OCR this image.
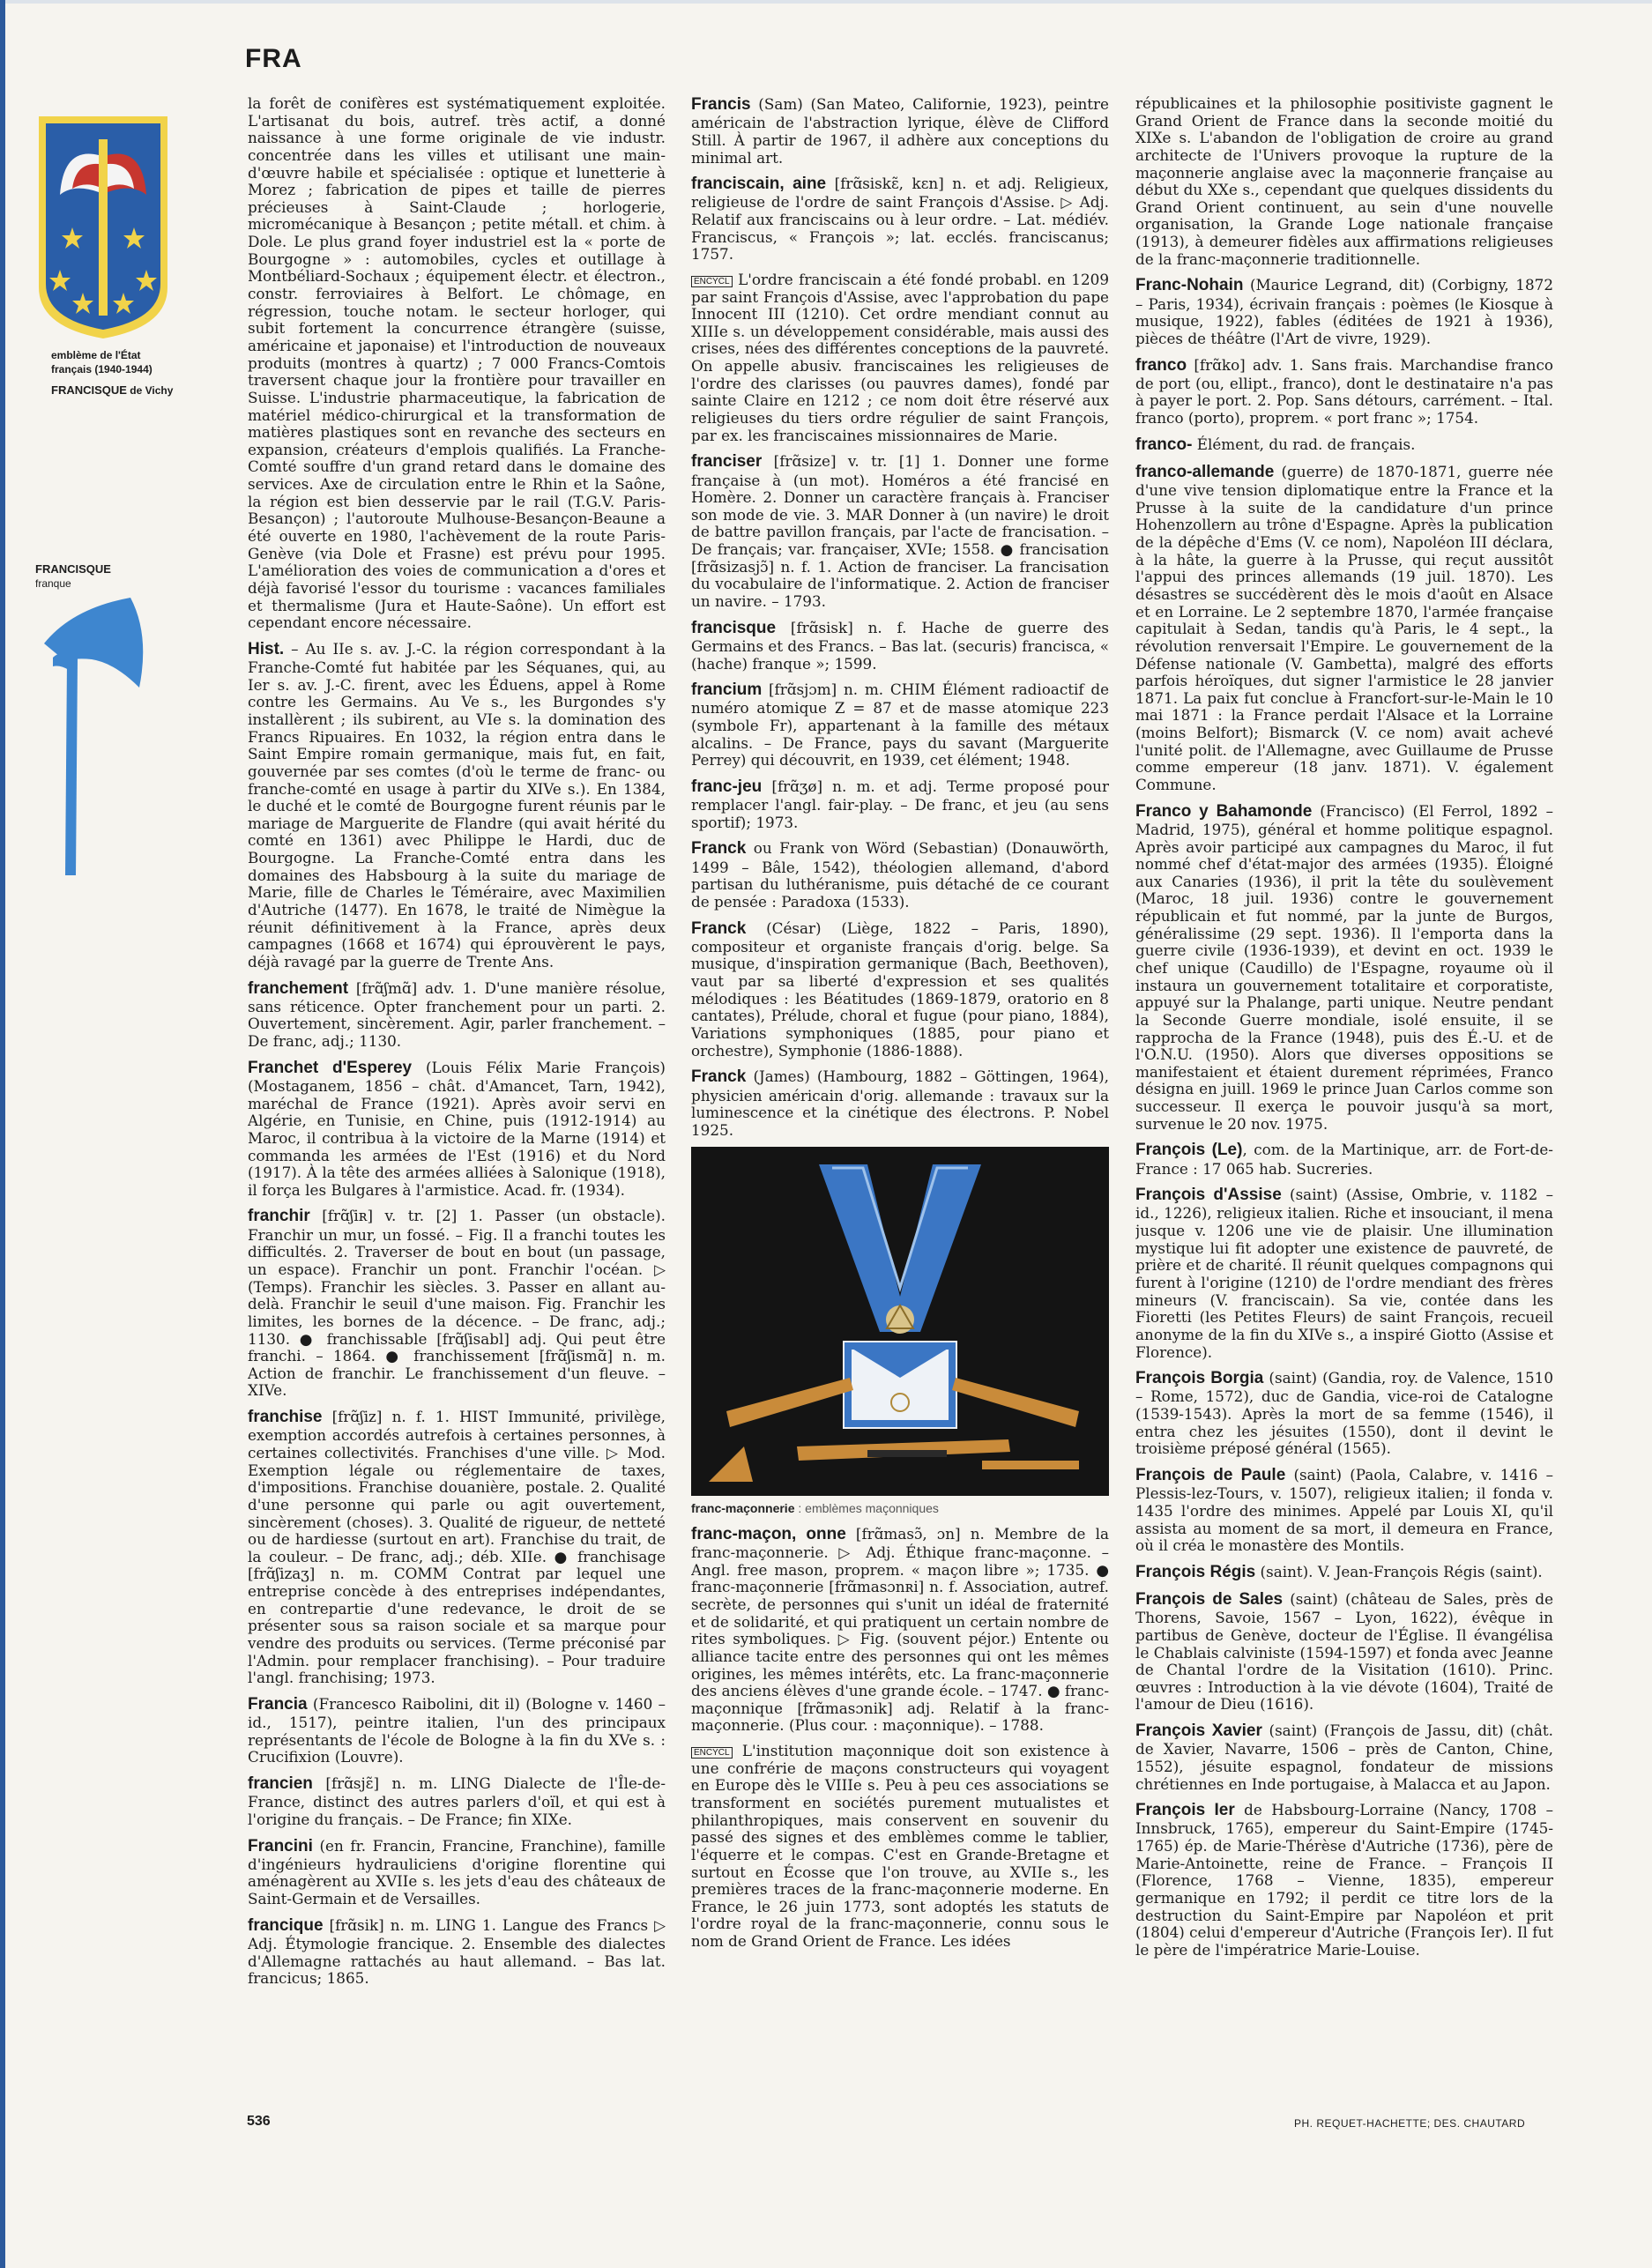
FRA
emblème de l'État
français (1940-1944)
FRANCISQUE de Vichy
FRANCISQUE
franque

la forêt de conifères est systématiquement exploitée. L'artisanat du bois, autref. très actif, a donné naissance à une forme originale de vie industr. concentrée dans les villes et utilisant une main-d'œuvre habile et spécialisée : optique et lunetterie à Morez ; fabrication de pipes et taille de pierres précieuses à Saint-Claude ; horlogerie, micromécanique à Besançon ; petite métall. et chim. à Dole. Le plus grand foyer industriel est la « porte de Bourgogne » : automobiles, cycles et outillage à Montbéliard-Sochaux ; équipement électr. et électron., constr. ferroviaires à Belfort. Le chômage, en régression, touche notam. le secteur horloger, qui subit fortement la concurrence étrangère (suisse, américaine et japonaise) et l'introduction de nouveaux produits (montres à quartz) ; 7 000 Francs-Comtois traversent chaque jour la frontière pour travailler en Suisse. L'industrie pharmaceutique, la fabrication de matériel médico-chirurgical et la transformation de matières plastiques sont en revanche des secteurs en expansion, créateurs d'emplois qualifiés. La Franche-Comté souffre d'un grand retard dans le domaine des services. Axe de circulation entre le Rhin et la Saône, la région est bien desservie par le rail (T.G.V. Paris-Besançon) ; l'autoroute Mulhouse-Besançon-Beaune a été ouverte en 1980, l'achèvement de la route Paris-Genève (via Dole et Frasne) est prévu pour 1995. L'amélioration des voies de communication a d'ores et déjà favorisé l'essor du tourisme : vacances familiales et thermalisme (Jura et Haute-Saône). Un effort est cependant encore nécessaire.

Hist. – Au IIe s. av. J.-C. la région correspondant à la Franche-Comté fut habitée par les Séquanes, qui, au Ier s. av. J.-C. firent, avec les Éduens, appel à Rome contre les Germains. Au Ve s., les Burgondes s'y installèrent ; ils subirent, au VIe s. la domination des Francs Ripuaires. En 1032, la région entra dans le Saint Empire romain germanique, mais fut, en fait, gouvernée par ses comtes (d'où le terme de franc- ou franche-comté en usage à partir du XIVe s.). En 1384, le duché et le comté de Bourgogne furent réunis par le mariage de Marguerite de Flandre (qui avait hérité du comté en 1361) avec Philippe le Hardi, duc de Bourgogne. La Franche-Comté entra dans les domaines des Habsbourg à la suite du mariage de Marie, fille de Charles le Téméraire, avec Maximilien d'Autriche (1477). En 1678, le traité de Nimègue la réunit définitivement à la France, après deux campagnes (1668 et 1674) qui éprouvèrent le pays, déjà ravagé par la guerre de Trente Ans.

franchement [frɑ̃ʃmɑ̃] adv. 1. D'une manière résolue, sans réticence. Opter franchement pour un parti. 2. Ouvertement, sincèrement. Agir, parler franchement. – De franc, adj.; 1130.

Franchet d'Esperey (Louis Félix Marie François) (Mostaganem, 1856 – chât. d'Amancet, Tarn, 1942), maréchal de France (1921). Après avoir servi en Algérie, en Tunisie, en Chine, puis (1912-1914) au Maroc, il contribua à la victoire de la Marne (1914) et commanda les armées de l'Est (1916) et du Nord (1917). À la tête des armées alliées à Salonique (1918), il força les Bulgares à l'armistice. Acad. fr. (1934).

franchir [frɑ̃ʃiʀ] v. tr. [2] 1. Passer (un obstacle). Franchir un mur, un fossé. – Fig. Il a franchi toutes les difficultés. 2. Traverser de bout en bout (un passage, un espace). Franchir un pont. Franchir l'océan. ▷ (Temps). Franchir les siècles. 3. Passer en allant au-delà. Franchir le seuil d'une maison. Fig. Franchir les limites, les bornes de la décence. – De franc, adj.; 1130. ● franchissable [frɑ̃ʃisabl] adj. Qui peut être franchi. – 1864. ● franchissement [frɑ̃ʃismɑ̃] n. m. Action de franchir. Le franchissement d'un fleuve. – XIVe.

franchise [frɑ̃ʃiz] n. f. 1. HIST Immunité, privilège, exemption accordés autrefois à certaines personnes, à certaines collectivités. Franchises d'une ville. ▷ Mod. Exemption légale ou réglementaire de taxes, d'impositions. Franchise douanière, postale. 2. Qualité d'une personne qui parle ou agit ouvertement, sincèrement (choses). 3. Qualité de rigueur, de netteté ou de hardiesse (surtout en art). Franchise du trait, de la couleur. – De franc, adj.; déb. XIIe. ● franchisage [frɑ̃ʃizaʒ] n. m. COMM Contrat par lequel une entreprise concède à des entreprises indépendantes, en contrepartie d'une redevance, le droit de se présenter sous sa raison sociale et sa marque pour vendre des produits ou services. (Terme préconisé par l'Admin. pour remplacer franchising). – Pour traduire l'angl. franchising; 1973.

Francia (Francesco Raibolini, dit il) (Bologne v. 1460 – id., 1517), peintre italien, l'un des principaux représentants de l'école de Bologne à la fin du XVe s. : Crucifixion (Louvre).

francien [frɑ̃sjɛ̃] n. m. LING Dialecte de l'Île-de-France, distinct des autres parlers d'oïl, et qui est à l'origine du français. – De France; fin XIXe.

Francini (en fr. Francin, Francine, Franchine), famille d'ingénieurs hydrauliciens d'origine florentine qui aménagèrent au XVIIe s. les jets d'eau des châteaux de Saint-Germain et de Versailles.

francique [frɑ̃sik] n. m. LING 1. Langue des Francs ▷ Adj. Étymologie francique. 2. Ensemble des dialectes d'Allemagne rattachés au haut allemand. – Bas lat. francicus; 1865.

Francis (Sam) (San Mateo, Californie, 1923), peintre américain de l'abstraction lyrique, élève de Clifford Still. À partir de 1967, il adhère aux conceptions du minimal art.

franciscain, aine [frɑ̃siskɛ̃, kɛn] n. et adj. Religieux, religieuse de l'ordre de saint François d'Assise. ▷ Adj. Relatif aux franciscains ou à leur ordre. – Lat. médiév. Franciscus, « François »; lat. ecclés. franciscanus; 1757.

ENCYCL L'ordre franciscain a été fondé probabl. en 1209 par saint François d'Assise, avec l'approbation du pape Innocent III (1210). Cet ordre mendiant connut au XIIIe s. un développement considérable, mais aussi des crises, nées des différentes conceptions de la pauvreté. On appelle abusiv. franciscaines les religieuses de l'ordre des clarisses (ou pauvres dames), fondé par sainte Claire en 1212 ; ce nom doit être réservé aux religieuses du tiers ordre régulier de saint François, par ex. les franciscaines missionnaires de Marie.

franciser [frɑ̃size] v. tr. [1] 1. Donner une forme française à (un mot). Homéros a été francisé en Homère. 2. Donner un caractère français à. Franciser son mode de vie. 3. MAR Donner à (un navire) le droit de battre pavillon français, par l'acte de francisation. – De français; var. françaiser, XVIe; 1558. ● francisation [frɑ̃sizasjɔ̃] n. f. 1. Action de franciser. La francisation du vocabulaire de l'informatique. 2. Action de franciser un navire. – 1793.

francisque [frɑ̃sisk] n. f. Hache de guerre des Germains et des Francs. – Bas lat. (securis) francisca, « (hache) franque »; 1599.

francium [frɑ̃sjɔm] n. m. CHIM Élément radioactif de numéro atomique Z = 87 et de masse atomique 223 (symbole Fr), appartenant à la famille des métaux alcalins. – De France, pays du savant (Marguerite Perrey) qui découvrit, en 1939, cet élément; 1948.

franc-jeu [frɑ̃ʒø] n. m. et adj. Terme proposé pour remplacer l'angl. fair-play. – De franc, et jeu (au sens sportif); 1973.

Franck ou Frank von Wörd (Sebastian) (Donauwörth, 1499 – Bâle, 1542), théologien allemand, d'abord partisan du luthéranisme, puis détaché de ce courant de pensée : Paradoxa (1533).

Franck (César) (Liège, 1822 – Paris, 1890), compositeur et organiste français d'orig. belge. Sa musique, d'inspiration germanique (Bach, Beethoven), vaut par sa liberté d'expression et ses qualités mélodiques : les Béatitudes (1869-1879, oratorio en 8 cantates), Prélude, choral et fugue (pour piano, 1884), Variations symphoniques (1885, pour piano et orchestre), Symphonie (1886-1888).

Franck (James) (Hambourg, 1882 – Göttingen, 1964), physicien américain d'orig. allemande : travaux sur la luminescence et la cinétique des électrons. P. Nobel 1925.

franc-maçonnerie : emblèmes maçonniques

franc-maçon, onne [frɑ̃masɔ̃, ɔn] n. Membre de la franc-maçonnerie. ▷ Adj. Éthique franc-maçonne. – Angl. free mason, proprem. « maçon libre »; 1735. ● franc-maçonnerie [frɑ̃masɔnʀi] n. f. Association, autref. secrète, de personnes qui s'unit un idéal de fraternité et de solidarité, et qui pratiquent un certain nombre de rites symboliques. ▷ Fig. (souvent péjor.) Entente ou alliance tacite entre des personnes qui ont les mêmes origines, les mêmes intérêts, etc. La franc-maçonnerie des anciens élèves d'une grande école. – 1747. ● franc-maçonnique [frɑ̃masɔnik] adj. Relatif à la franc-maçonnerie. (Plus cour. : maçonnique). – 1788.

ENCYCL L'institution maçonnique doit son existence à une confrérie de maçons constructeurs qui voyagent en Europe dès le VIIIe s. Peu à peu ces associations se transforment en sociétés purement mutualistes et philanthropiques, mais conservent en souvenir du passé des signes et des emblèmes comme le tablier, l'équerre et le compas. C'est en Grande-Bretagne et surtout en Écosse que l'on trouve, au XVIIe s., les premières traces de la franc-maçonnerie moderne. En France, le 26 juin 1773, sont adoptés les statuts de l'ordre royal de la franc-maçonnerie, connu sous le nom de Grand Orient de France. Les idées

républicaines et la philosophie positiviste gagnent le Grand Orient de France dans la seconde moitié du XIXe s. L'abandon de l'obligation de croire au grand architecte de l'Univers provoque la rupture de la maçonnerie anglaise avec la maçonnerie française au début du XXe s., cependant que quelques dissidents du Grand Orient continuent, au sein d'une nouvelle organisation, la Grande Loge nationale française (1913), à demeurer fidèles aux affirmations religieuses de la franc-maçonnerie traditionnelle.

Franc-Nohain (Maurice Legrand, dit) (Corbigny, 1872 – Paris, 1934), écrivain français : poèmes (le Kiosque à musique, 1922), fables (éditées de 1921 à 1936), pièces de théâtre (l'Art de vivre, 1929).

franco [frɑ̃ko] adv. 1. Sans frais. Marchandise franco de port (ou, ellipt., franco), dont le destinataire n'a pas à payer le port. 2. Pop. Sans détours, carrément. – Ital. franco (porto), proprem. « port franc »; 1754.

franco- Élément, du rad. de français.

franco-allemande (guerre) de 1870-1871, guerre née d'une vive tension diplomatique entre la France et la Prusse à la suite de la candidature d'un prince Hohenzollern au trône d'Espagne. Après la publication de la dépêche d'Ems (V. ce nom), Napoléon III déclara, à la hâte, la guerre à la Prusse, qui reçut aussitôt l'appui des princes allemands (19 juil. 1870). Les désastres se succédèrent dès le mois d'août en Alsace et en Lorraine. Le 2 septembre 1870, l'armée française capitulait à Sedan, tandis qu'à Paris, le 4 sept., la révolution renversait l'Empire. Le gouvernement de la Défense nationale (V. Gambetta), malgré des efforts parfois héroïques, dut signer l'armistice le 28 janvier 1871. La paix fut conclue à Francfort-sur-le-Main le 10 mai 1871 : la France perdait l'Alsace et la Lorraine (moins Belfort); Bismarck (V. ce nom) avait achevé l'unité polit. de l'Allemagne, avec Guillaume de Prusse comme empereur (18 janv. 1871). V. également Commune.

Franco y Bahamonde (Francisco) (El Ferrol, 1892 – Madrid, 1975), général et homme politique espagnol. Après avoir participé aux campagnes du Maroc, il fut nommé chef d'état-major des armées (1935). Éloigné aux Canaries (1936), il prit la tête du soulèvement (Maroc, 18 juil. 1936) contre le gouvernement républicain et fut nommé, par la junte de Burgos, généralissime (29 sept. 1936). Il l'emporta dans la guerre civile (1936-1939), et devint en oct. 1939 le chef unique (Caudillo) de l'Espagne, royaume où il instaura un gouvernement totalitaire et corporatiste, appuyé sur la Phalange, parti unique. Neutre pendant la Seconde Guerre mondiale, isolé ensuite, il se rapprocha de la France (1948), puis des É.-U. et de l'O.N.U. (1950). Alors que diverses oppositions se manifestaient et étaient durement réprimées, Franco désigna en juill. 1969 le prince Juan Carlos comme son successeur. Il exerça le pouvoir jusqu'à sa mort, survenue le 20 nov. 1975.

François (Le), com. de la Martinique, arr. de Fort-de-France : 17 065 hab. Sucreries.

François d'Assise (saint) (Assise, Ombrie, v. 1182 – id., 1226), religieux italien. Riche et insouciant, il mena jusque v. 1206 une vie de plaisir. Une illumination mystique lui fit adopter une existence de pauvreté, de prière et de charité. Il réunit quelques compagnons qui furent à l'origine (1210) de l'ordre mendiant des frères mineurs (V. franciscain). Sa vie, contée dans les Fioretti (les Petites Fleurs) de saint François, recueil anonyme de la fin du XIVe s., a inspiré Giotto (Assise et Florence).

François Borgia (saint) (Gandia, roy. de Valence, 1510 – Rome, 1572), duc de Gandia, vice-roi de Catalogne (1539-1543). Après la mort de sa femme (1546), il entra chez les jésuites (1550), dont il devint le troisième préposé général (1565).

François de Paule (saint) (Paola, Calabre, v. 1416 – Plessis-lez-Tours, v. 1507), religieux italien; il fonda v. 1435 l'ordre des minimes. Appelé par Louis XI, qu'il assista au moment de sa mort, il demeura en France, où il créa le monastère des Montils.

François Régis (saint). V. Jean-François Régis (saint).

François de Sales (saint) (château de Sales, près de Thorens, Savoie, 1567 – Lyon, 1622), évêque in partibus de Genève, docteur de l'Église. Il évangélisa le Chablais calviniste (1594-1597) et fonda avec Jeanne de Chantal l'ordre de la Visitation (1610). Princ. œuvres : Introduction à la vie dévote (1604), Traité de l'amour de Dieu (1616).

François Xavier (saint) (François de Jassu, dit) (chât. de Xavier, Navarre, 1506 – près de Canton, Chine, 1552), jésuite espagnol, fondateur de missions chrétiennes en Inde portugaise, à Malacca et au Japon.

François Ier de Habsbourg-Lorraine (Nancy, 1708 – Innsbruck, 1765), empereur du Saint-Empire (1745-1765) ép. de Marie-Thérèse d'Autriche (1736), père de Marie-Antoinette, reine de France. – François II (Florence, 1768 – Vienne, 1835), empereur germanique en 1792; il perdit ce titre lors de la destruction du Saint-Empire par Napoléon et prit (1804) celui d'empereur d'Autriche (François Ier). Il fut le père de l'impératrice Marie-Louise.

536	PH. REQUET-HACHETTE; DES. CHAUTARD
